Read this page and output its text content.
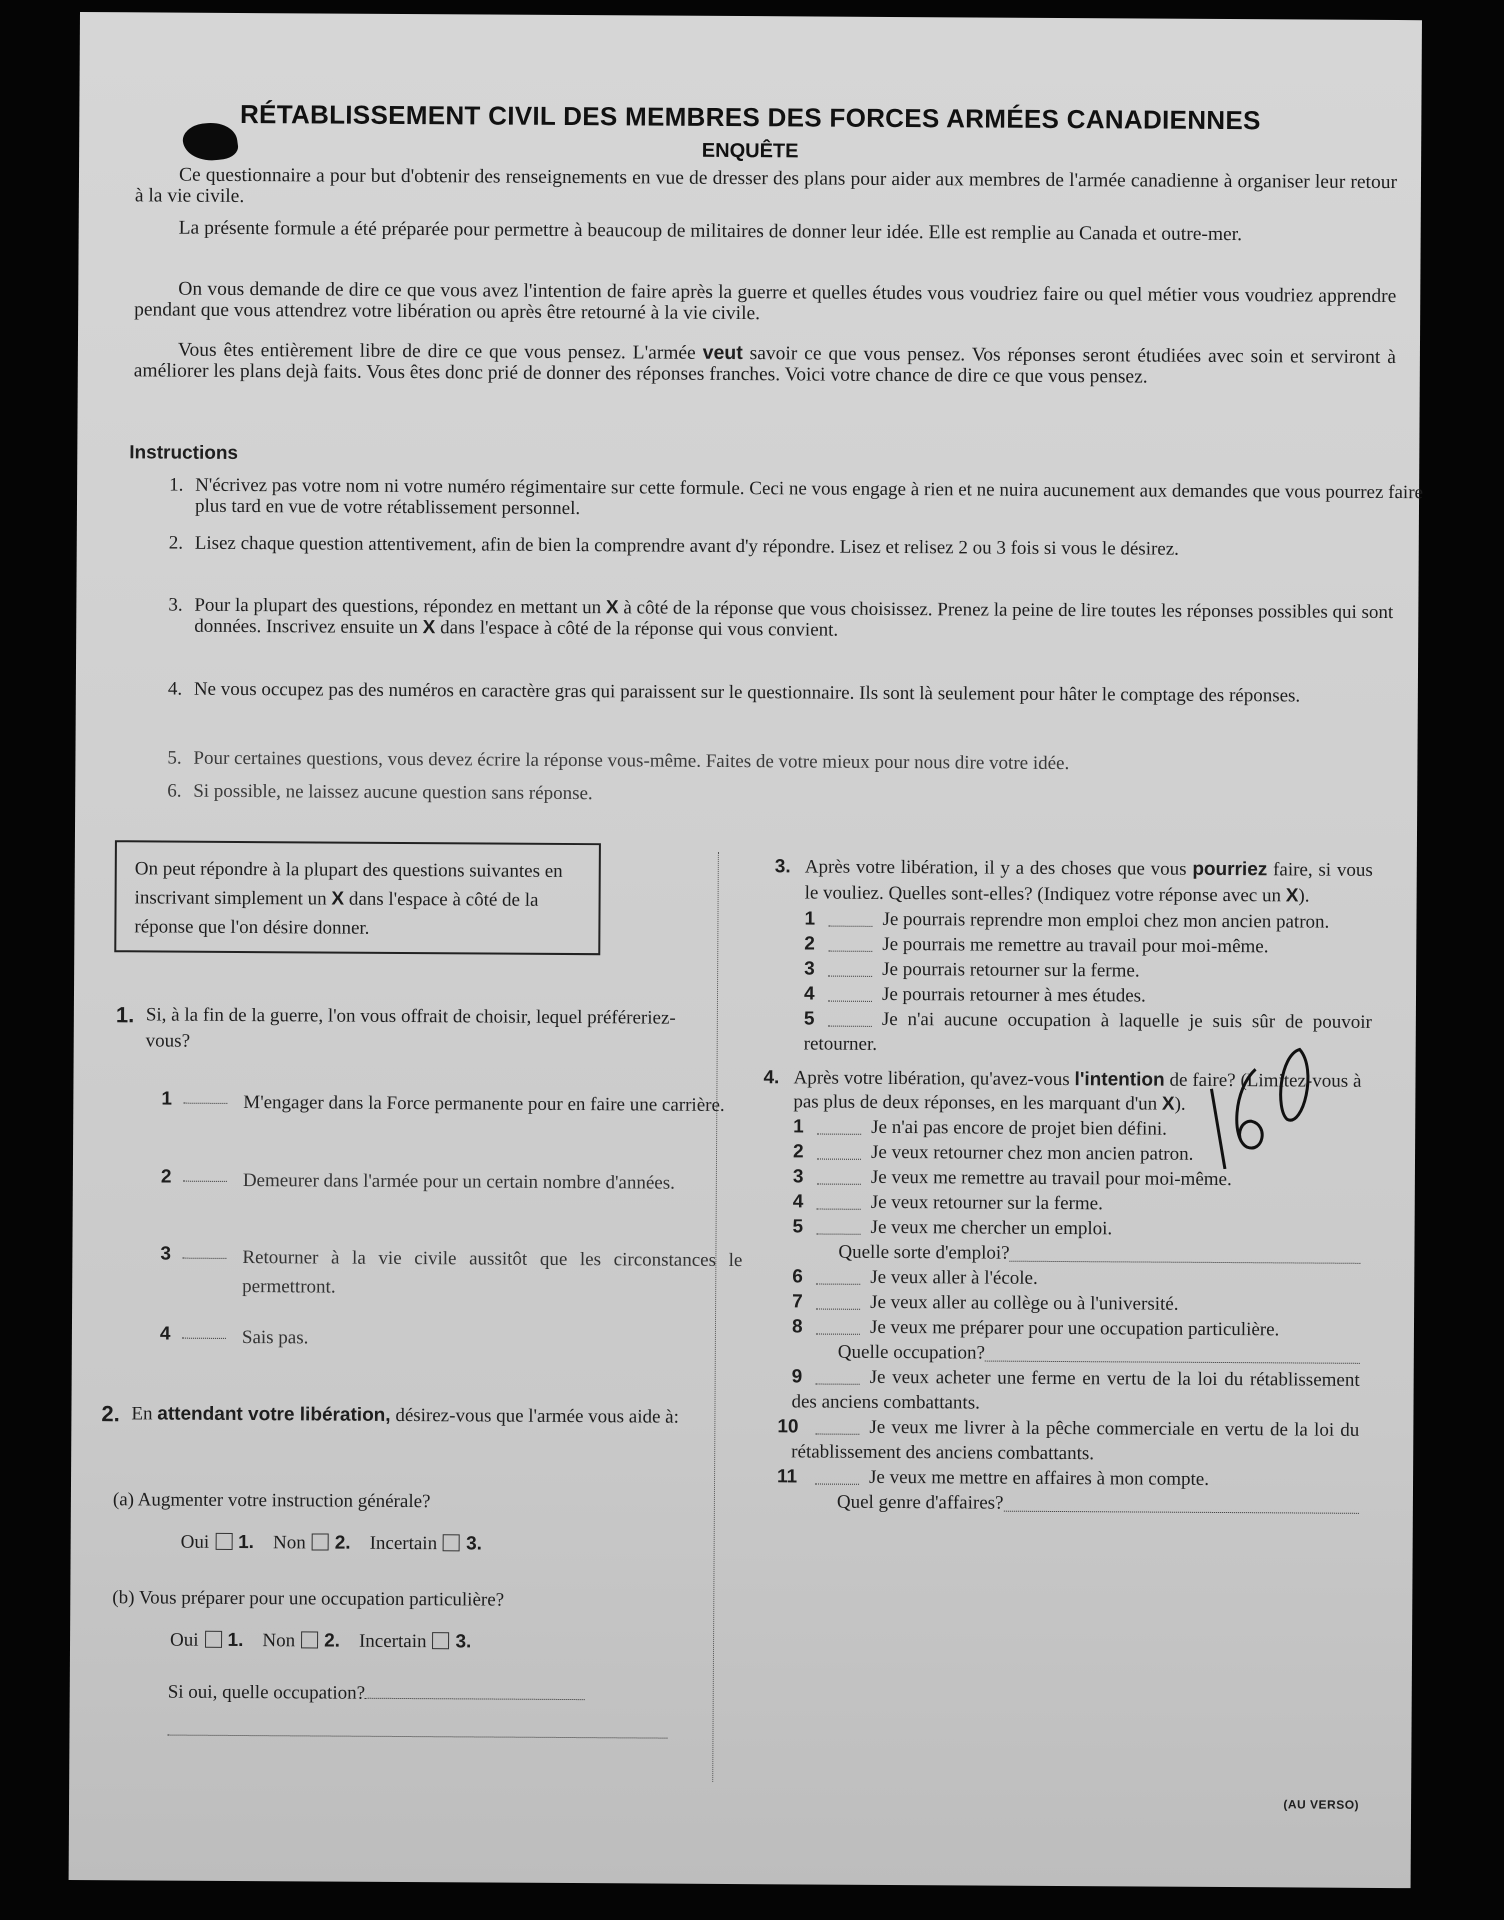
RÉTABLISSEMENT CIVIL DES MEMBRES DES FORCES ARMÉES CANADIENNES
ENQUÊTE
Ce questionnaire a pour but d'obtenir des renseignements en vue de dresser des plans pour aider aux membres de l'armée canadienne à organiser leur retour à la vie civile.
La présente formule a été préparée pour permettre à beaucoup de militaires de donner leur idée. Elle est remplie au Canada et outre-mer.
On vous demande de dire ce que vous avez l'intention de faire après la guerre et quelles études vous voudriez faire ou quel métier vous voudriez apprendre pendant que vous attendrez votre libération ou après être retourné à la vie civile.
Vous êtes entièrement libre de dire ce que vous pensez. L'armée veut savoir ce que vous pensez. Vos réponses seront étudiées avec soin et serviront à améliorer les plans dejà faits. Vous êtes donc prié de donner des réponses franches. Voici votre chance de dire ce que vous pensez.
Instructions
1. N'écrivez pas votre nom ni votre numéro régimentaire sur cette formule. Ceci ne vous engage à rien et ne nuira aucunement aux demandes que vous pourrez faire plus tard en vue de votre rétablissement personnel.
2. Lisez chaque question attentivement, afin de bien la comprendre avant d'y répondre. Lisez et relisez 2 ou 3 fois si vous le désirez.
3. Pour la plupart des questions, répondez en mettant un X à côté de la réponse que vous choisissez. Prenez la peine de lire toutes les réponses possibles qui sont données. Inscrivez ensuite un X dans l'espace à côté de la réponse qui vous convient.
4. Ne vous occupez pas des numéros en caractère gras qui paraissent sur le questionnaire. Ils sont là seulement pour hâter le comptage des réponses.
5. Pour certaines questions, vous devez écrire la réponse vous-même. Faites de votre mieux pour nous dire votre idée.
6. Si possible, ne laissez aucune question sans réponse.
On peut répondre à la plupart des questions suivantes en inscrivant simplement un X dans l'espace à côté de la réponse que l'on désire donner.
1. Si, à la fin de la guerre, l'on vous offrait de choisir, lequel préféreriez-vous?
1	M'engager dans la Force permanente pour en faire une carrière.
2	Demeurer dans l'armée pour un certain nombre d'années.
3	Retourner à la vie civile aussitôt que les circonstances le permettront.
4	Sais pas.
2. En attendant votre libération, désirez-vous que l'armée vous aide à:
(a) Augmenter votre instruction générale?
Oui 1. Non 2. Incertain 3.
(b) Vous préparer pour une occupation particulière?
Oui 1. Non 2. Incertain 3.
Si oui, quelle occupation?
3. Après votre libération, il y a des choses que vous pourriez faire, si vous le vouliez. Quelles sont-elles? (Indiquez votre réponse avec un X).
1	Je pourrais reprendre mon emploi chez mon ancien patron.
2	Je pourrais me remettre au travail pour moi-même.
3	Je pourrais retourner sur la ferme.
4	Je pourrais retourner à mes études.
5	Je n'ai aucune occupation à laquelle je suis sûr de pouvoir retourner.
4. Après votre libération, qu'avez-vous l'intention de faire? (Limitez-vous à pas plus de deux réponses, en les marquant d'un X).
1	Je n'ai pas encore de projet bien défini.
2	Je veux retourner chez mon ancien patron.
3	Je veux me remettre au travail pour moi-même.
4	Je veux retourner sur la ferme.
5	Je veux me chercher un emploi.
Quelle sorte d'emploi?
6	Je veux aller à l'école.
7	Je veux aller au collège ou à l'université.
8	Je veux me préparer pour une occupation particulière.
Quelle occupation?
9	Je veux acheter une ferme en vertu de la loi du rétablissement des anciens combattants.
10	Je veux me livrer à la pêche commerciale en vertu de la loi du rétablissement des anciens combattants.
11	Je veux me mettre en affaires à mon compte.
Quel genre d'affaires?
(AU VERSO)
